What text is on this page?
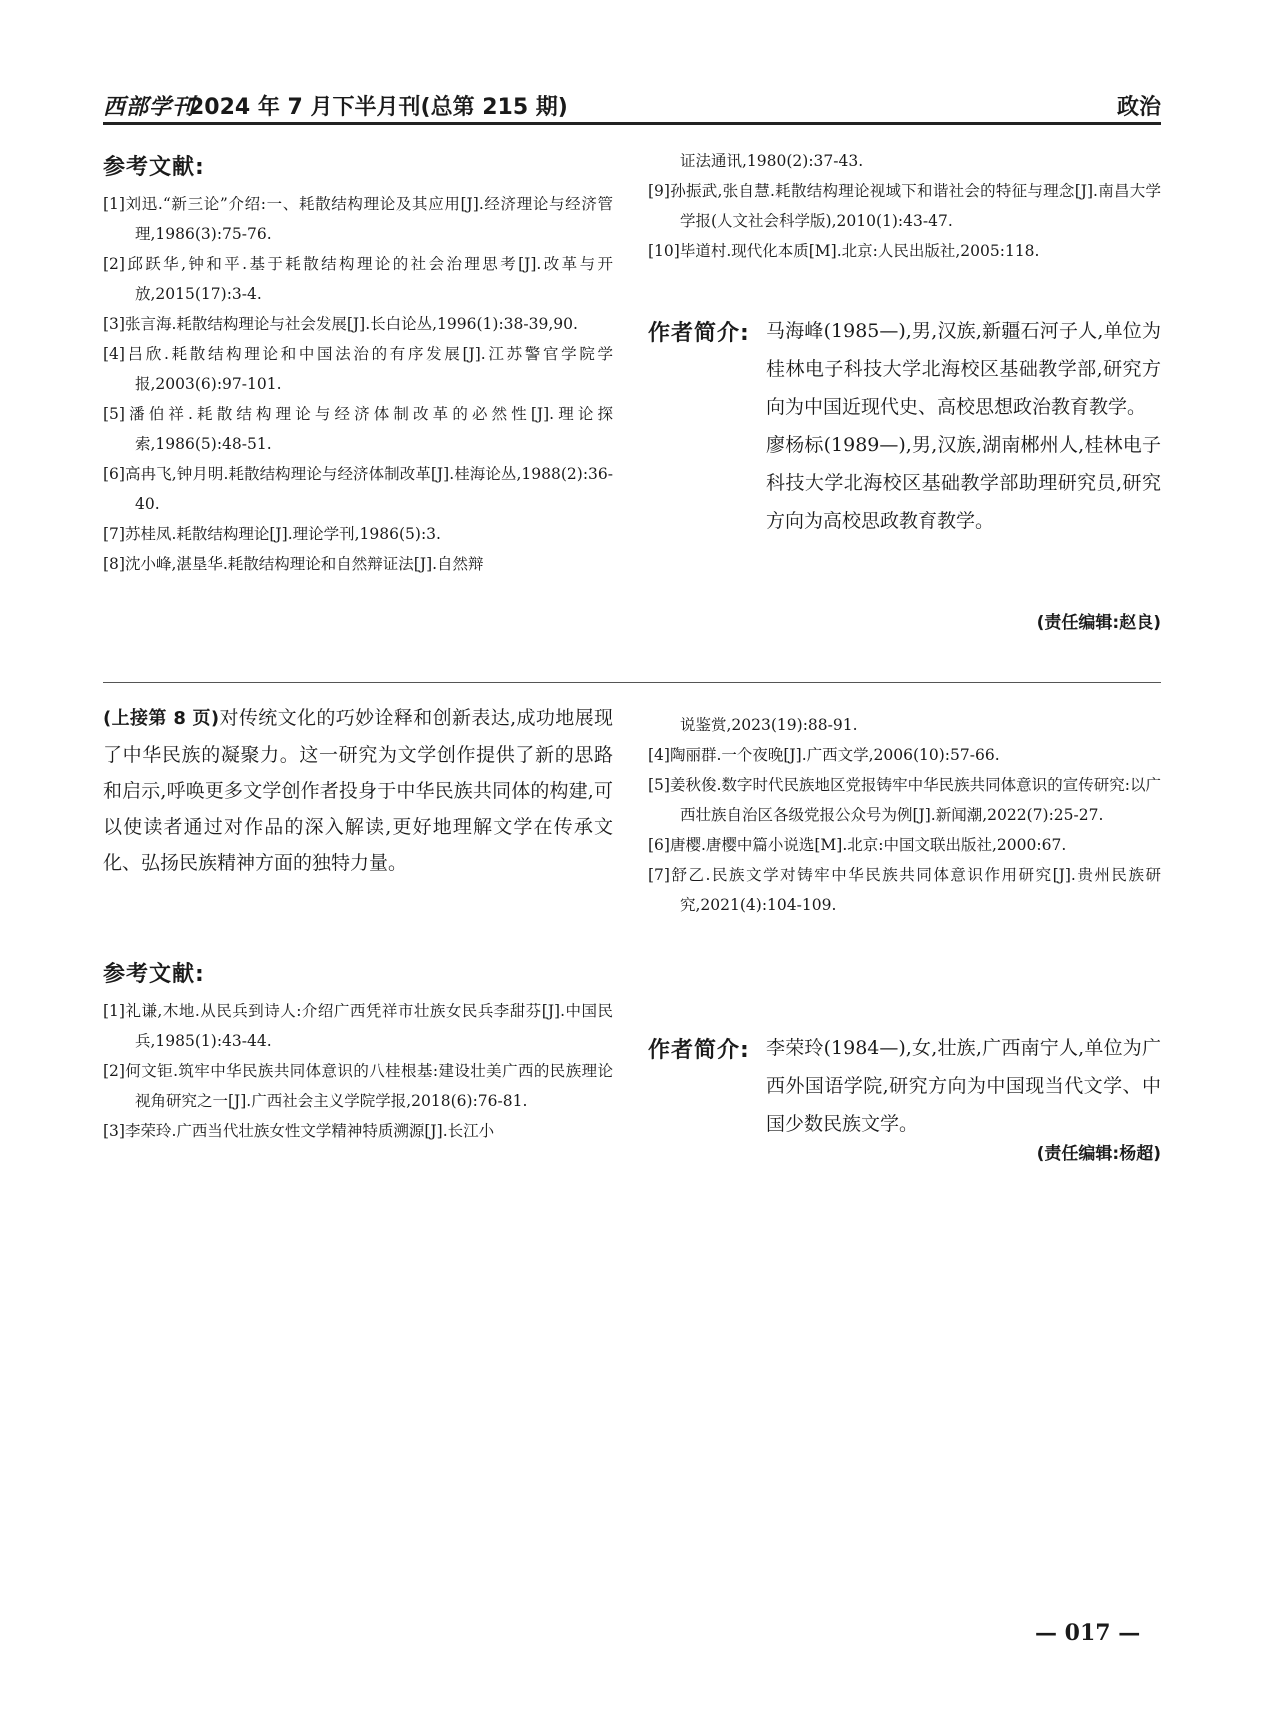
西部学刊
2024 年 7 月下半月刊(总第 215 期)	政治
参考文献:

[1]刘迅.“新三论”介绍:一、耗散结构理论及其应用[J].经济理论与经济管理,1986(3):75-76.

[2]邱跃华,钟和平.基于耗散结构理论的社会治理思考[J].改革与开放,2015(17):3-4.

[3]张言海.耗散结构理论与社会发展[J].长白论丛,1996(1):38-39,90.

[4]吕欣.耗散结构理论和中国法治的有序发展[J].江苏警官学院学报,2003(6):97-101.

[5]潘伯祥.耗散结构理论与经济体制改革的必然性[J].理论探索,1986(5):48-51.

[6]高冉飞,钟月明.耗散结构理论与经济体制改革[J].桂海论丛,1988(2):36-40.

[7]苏桂凤.耗散结构理论[J].理论学刊,1986(5):3.

[8]沈小峰,湛垦华.耗散结构理论和自然辩证法[J].自然辩

证法通讯,1980(2):37-43.

[9]孙振武,张自慧.耗散结构理论视域下和谐社会的特征与理念[J].南昌大学学报(人文社会科学版),2010(1):43-47.

[10]毕道村.现代化本质[M].北京:人民出版社,2005:118.

作者简介: 马海峰(1985—),男,汉族,新疆石河子人,单位为桂林电子科技大学北海校区基础教学部,研究方向为中国近现代史、高校思想政治教育教学。

廖杨标(1989—),男,汉族,湖南郴州人,桂林电子科技大学北海校区基础教学部助理研究员,研究方向为高校思政教育教学。

(责任编辑:赵良)

(上接第 8 页)对传统文化的巧妙诠释和创新表达,成功地展现了中华民族的凝聚力。这一研究为文学创作提供了新的思路和启示,呼唤更多文学创作者投身于中华民族共同体的构建,可以使读者通过对作品的深入解读,更好地理解文学在传承文化、弘扬民族精神方面的独特力量。

参考文献:

[1]礼谦,木地.从民兵到诗人:介绍广西凭祥市壮族女民兵李甜芬[J].中国民兵,1985(1):43-44.

[2]何文钜.筑牢中华民族共同体意识的八桂根基:建设壮美广西的民族理论视角研究之一[J].广西社会主义学院学报,2018(6):76-81.

[3]李荣玲.广西当代壮族女性文学精神特质溯源[J].长江小

说鉴赏,2023(19):88-91.

[4]陶丽群.一个夜晚[J].广西文学,2006(10):57-66.

[5]姜秋俊.数字时代民族地区党报铸牢中华民族共同体意识的宣传研究:以广西壮族自治区各级党报公众号为例[J].新闻潮,2022(7):25-27.

[6]唐樱.唐樱中篇小说选[M].北京:中国文联出版社,2000:67.

[7]舒乙.民族文学对铸牢中华民族共同体意识作用研究[J].贵州民族研究,2021(4):104-109.

作者简介: 李荣玲(1984—),女,壮族,广西南宁人,单位为广西外国语学院,研究方向为中国现当代文学、中国少数民族文学。

(责任编辑:杨超)
— 017 —
